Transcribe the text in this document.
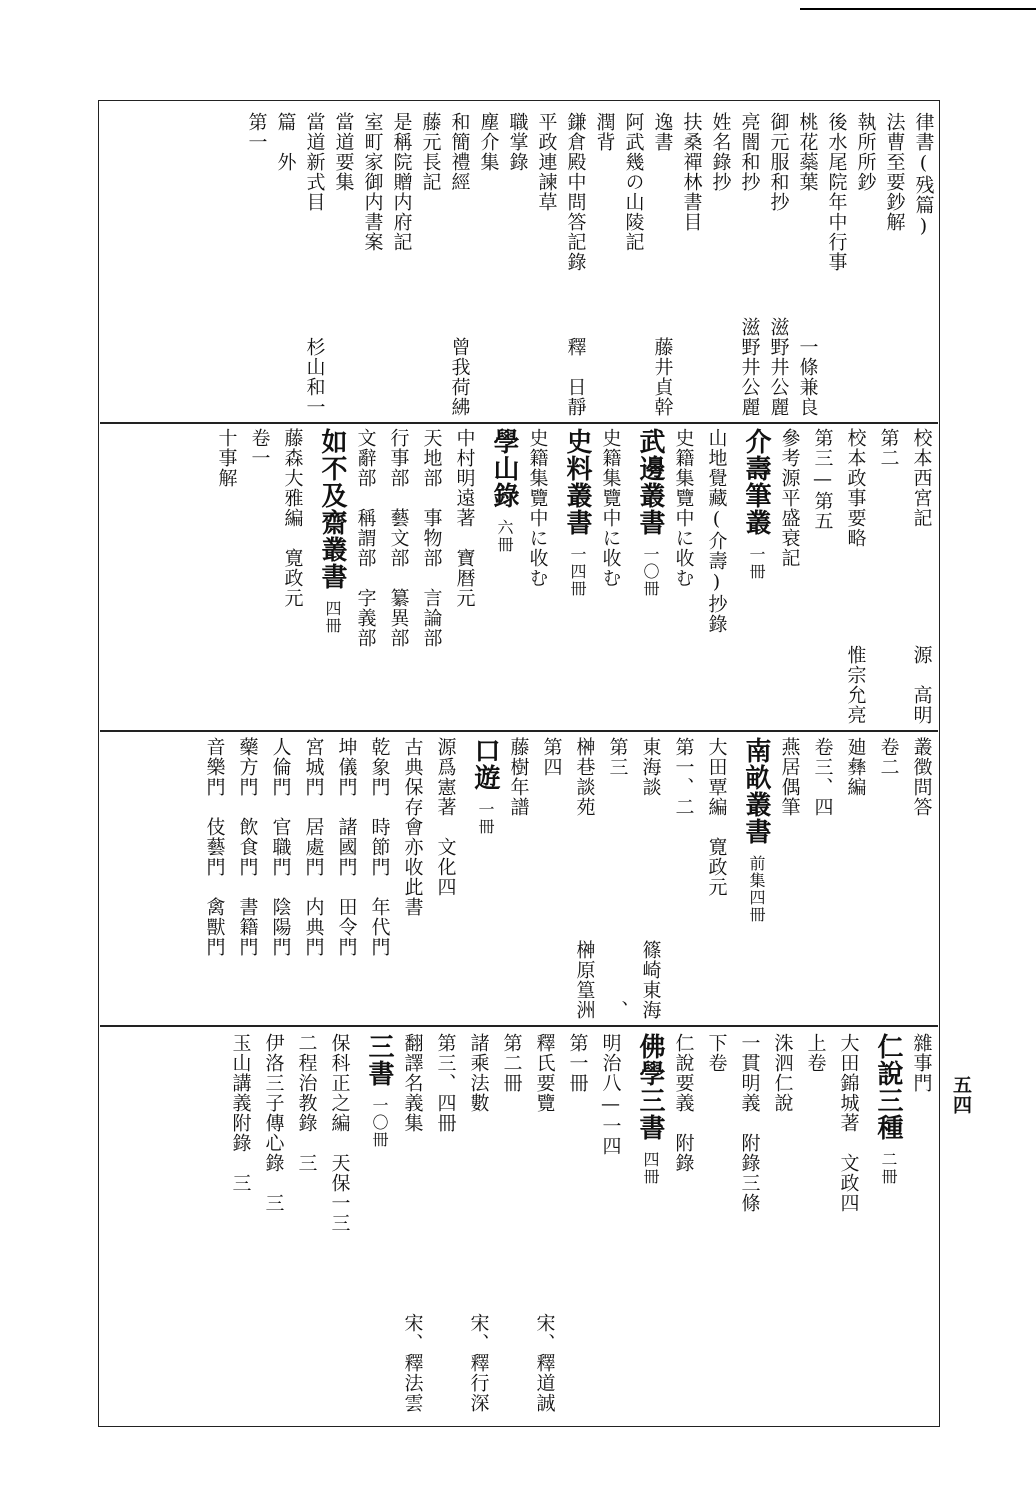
五四
律書(残篇)
法曹至要鈔解
執所所鈔
後水尾院年中行事
桃花蘂葉
一條兼良
御元服和抄
滋野井公麗
亮闇和抄
滋野井公麗
姓名錄抄
扶桑禪林書目
逸書
藤井貞幹
阿武幾の山陵記
潤背
鎌倉殿中問答記錄
釋　日靜
平政連諫草
職掌錄
塵介集
和簡禮經
曾我荷紼
藤元長記
是稱院贈内府記
室町家御内書案
當道要集
當道新式目
杉山和一
篇　外
第一
校本西宮記
源　高明
第二
校本政事要略
惟宗允亮
第三—第五
參考源平盛衰記
介壽筆叢
一冊
山地覺藏(介壽)抄錄
史籍集覽中に收む
武邊叢書
一〇冊
史籍集覽中に收む
史料叢書
一四冊
史籍集覽中に收む
學山錄
六冊
中村明遠著　寶暦元
天地部　事物部　言論部
行事部　藝文部　纂異部
文辭部　稱謂部　字義部
如不及齋叢書
四冊
藤森大雅編　寛政元
卷一
十事解
叢徴問答
卷二
廸彝編
卷三、四
燕居偶筆
南畝叢書
前集四冊
大田覃編　寛政元
第一、二
東海談
篠崎東海
第三
、
榊巷談苑
榊原篁洲
第四
藤樹年譜
口遊
一冊
源爲憲著　文化四
古典保存會亦收此書
乾象門　時節門　年代門
坤儀門　諸國門　田令門
宮城門　居處門　内典門
人倫門　官職門　陰陽門
藥方門　飲食門　書籍門
音樂門　伎藝門　禽獸門
雜事門
仁說三種
二冊
大田錦城著　文政四
上卷
洙泗仁說
一貫明義　附錄三條
下卷
仁說要義　附錄
佛學三書
四冊
明治八—一四
第一冊
釋氏要覽
宋、釋道誠
第二冊
諸乘法數
宋、釋行深
第三、四冊
翻譯名義集
宋、釋法雲
三書
一〇冊
保科正之編　天保一三
二程治教錄　三
伊洛三子傳心錄　三
玉山講義附錄　三
